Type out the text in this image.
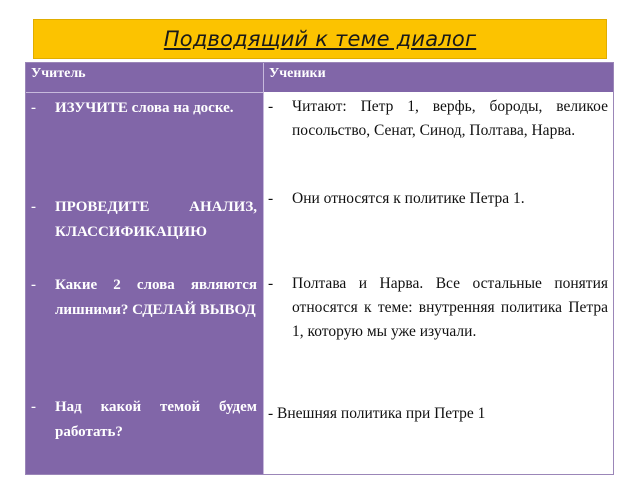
Подводящий к теме диалог
Учитель	Ученики
- ИЗУЧИТЕ слова на доске.
- ПРОВЕДИТЕ АНАЛИЗ, КЛАССИФИКАЦИЮ
- Какие 2 слова являются лишними? СДЕЛАЙ ВЫВОД
- Над какой темой будем работать?
- Читают: Петр 1, верфь, бороды, великое посольство, Сенат, Синод, Полтава, Нарва.
- Они относятся к политике Петра 1.
- Полтава и Нарва. Все остальные понятия относятся к теме: внутренняя политика Петра 1, которую мы уже изучали.
- Внешняя политика при Петре 1
